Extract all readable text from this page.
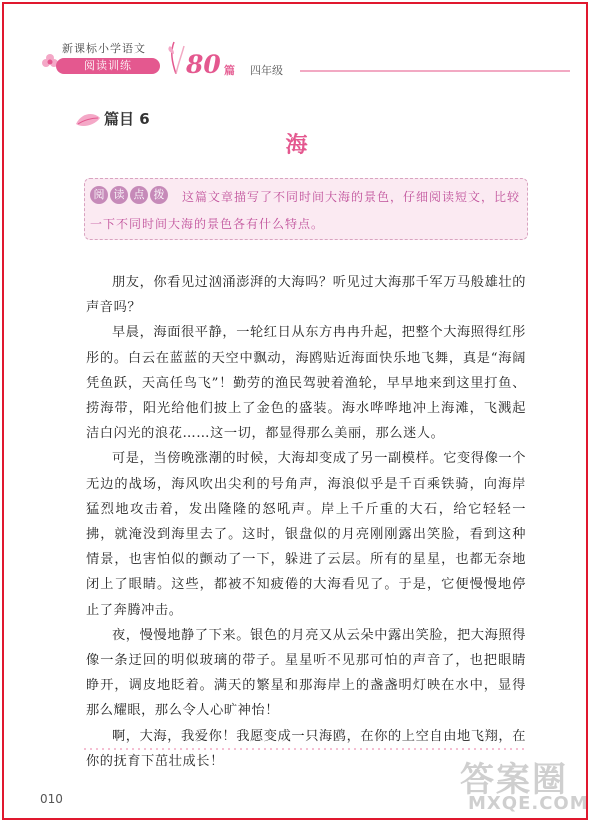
新课标小学语文
阅读训练	80 篇 四年级
篇目 6
海
阅 读 点 拨	这篇文章描写了不同时间大海的景色，仔细阅读短文，比较一下不同时间大海的景色各有什么特点。

朋友，你看见过汹涌澎湃的大海吗？听见过大海那千军万马般雄壮的声音吗？

早晨，海面很平静，一轮红日从东方冉冉升起，把整个大海照得红彤彤的。白云在蓝蓝的天空中飘动，海鸥贴近海面快乐地飞舞，真是“海阔凭鱼跃，天高任鸟飞”！勤劳的渔民驾驶着渔轮，早早地来到这里打鱼、捞海带，阳光给他们披上了金色的盛装。海水哗哗地冲上海滩，飞溅起洁白闪光的浪花……这一切，都显得那么美丽，那么迷人。

可是，当傍晚涨潮的时候，大海却变成了另一副模样。它变得像一个无边的战场，海风吹出尖利的号角声，海浪似乎是千百乘铁骑，向海岸猛烈地攻击着，发出隆隆的怒吼声。岸上千斤重的大石，给它轻轻一拂，就淹没到海里去了。这时，银盘似的月亮刚刚露出笑脸，看到这种情景，也害怕似的颤动了一下，躲进了云层。所有的星星，也都无奈地闭上了眼睛。这些，都被不知疲倦的大海看见了。于是，它便慢慢地停止了奔腾冲击。

夜，慢慢地静了下来。银色的月亮又从云朵中露出笑脸，把大海照得像一条迂回的明似玻璃的带子。星星听不见那可怕的声音了，也把眼睛睁开，调皮地眨着。满天的繁星和那海岸上的盏盏明灯映在水中，显得那么耀眼，那么令人心旷神怡！

啊，大海，我爱你！我愿变成一只海鸥，在你的上空自由地飞翔，在你的抚育下茁壮成长！

010	答案圈
MXQE.COM
